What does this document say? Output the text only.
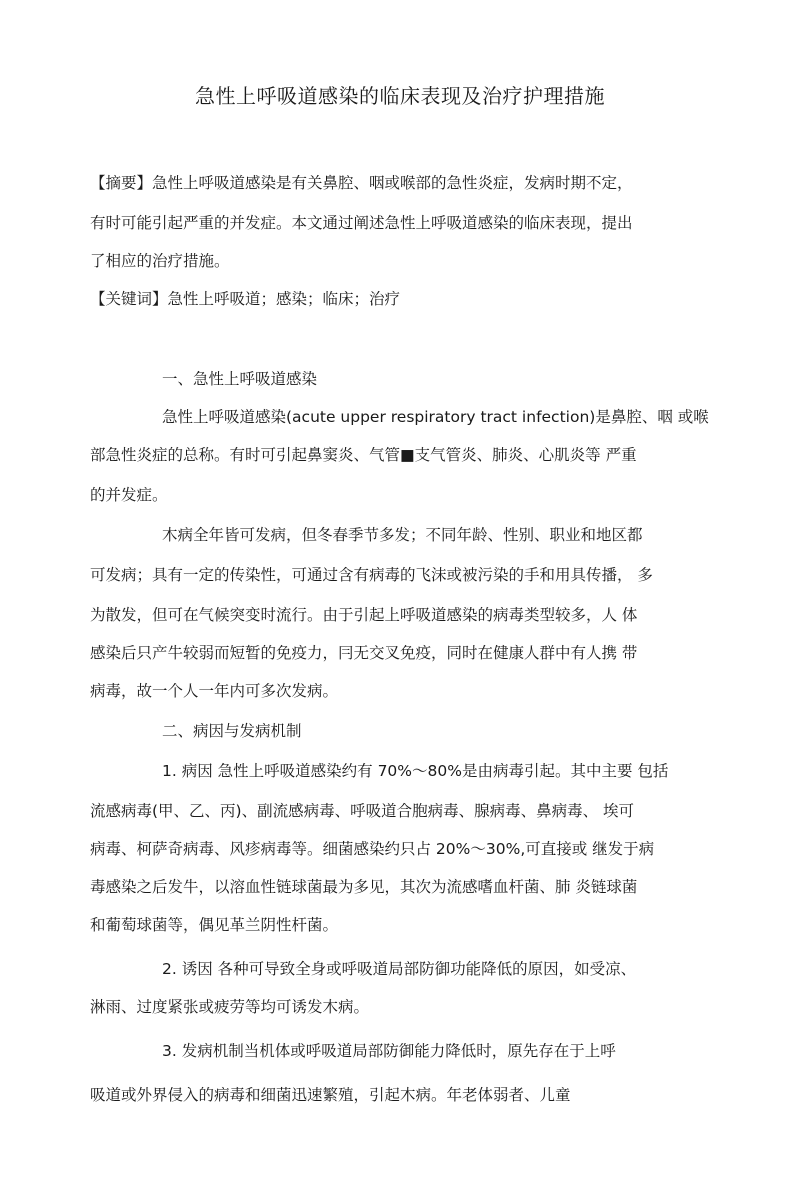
急性上呼吸道感染的临床表现及治疗护理措施
【摘要】急性上呼吸道感染是有关鼻腔、咽或喉部的急性炎症，发病时期不定，
有时可能引起严重的并发症。本文通过阐述急性上呼吸道感染的临床表现，提出
了相应的治疗措施。
【关键词】急性上呼吸道；感染；临床；治疗
一、急性上呼吸道感染
急性上呼吸道感染(acute upper respiratory tract infection)是鼻腔、咽 或喉
部急性炎症的总称。有时可引起鼻窦炎、气管■支气管炎、肺炎、心肌炎等 严重
的并发症。
木病全年皆可发病，但冬春季节多发；不同年龄、性别、职业和地区都
可发病；具有一定的传染性，可通过含有病毒的飞沫或被污染的手和用具传播， 多
为散发，但可在气候突变时流行。由于引起上呼吸道感染的病毒类型较多，人 体
感染后只产牛较弱而短暂的免疫力，冃无交叉免疫，同时在健康人群中有人携 带
病毒，故一个人一年内可多次发病。
二、病因与发病机制
1. 病因 急性上呼吸道感染约有 70%〜80%是由病毒引起。其中主要 包括
流感病毒(甲、乙、丙)、副流感病毒、呼吸道合胞病毒、腺病毒、鼻病毒、 埃可
病毒、柯萨奇病毒、风疹病毒等。细菌感染约只占 20%〜30%,可直接或 继发于病
毒感染之后发牛，以溶血性链球菌最为多见，其次为流感嗜血杆菌、肺 炎链球菌
和葡萄球菌等，偶见革兰阴性杆菌。
2. 诱因 各种可导致全身或呼吸道局部防御功能降低的原因，如受凉、
淋雨、过度紧张或疲劳等均可诱发木病。
3. 发病机制当机体或呼吸道局部防御能力降低时，原先存在于上呼
吸道或外界侵入的病毒和细菌迅速繁殖，引起木病。年老体弱者、儿童
